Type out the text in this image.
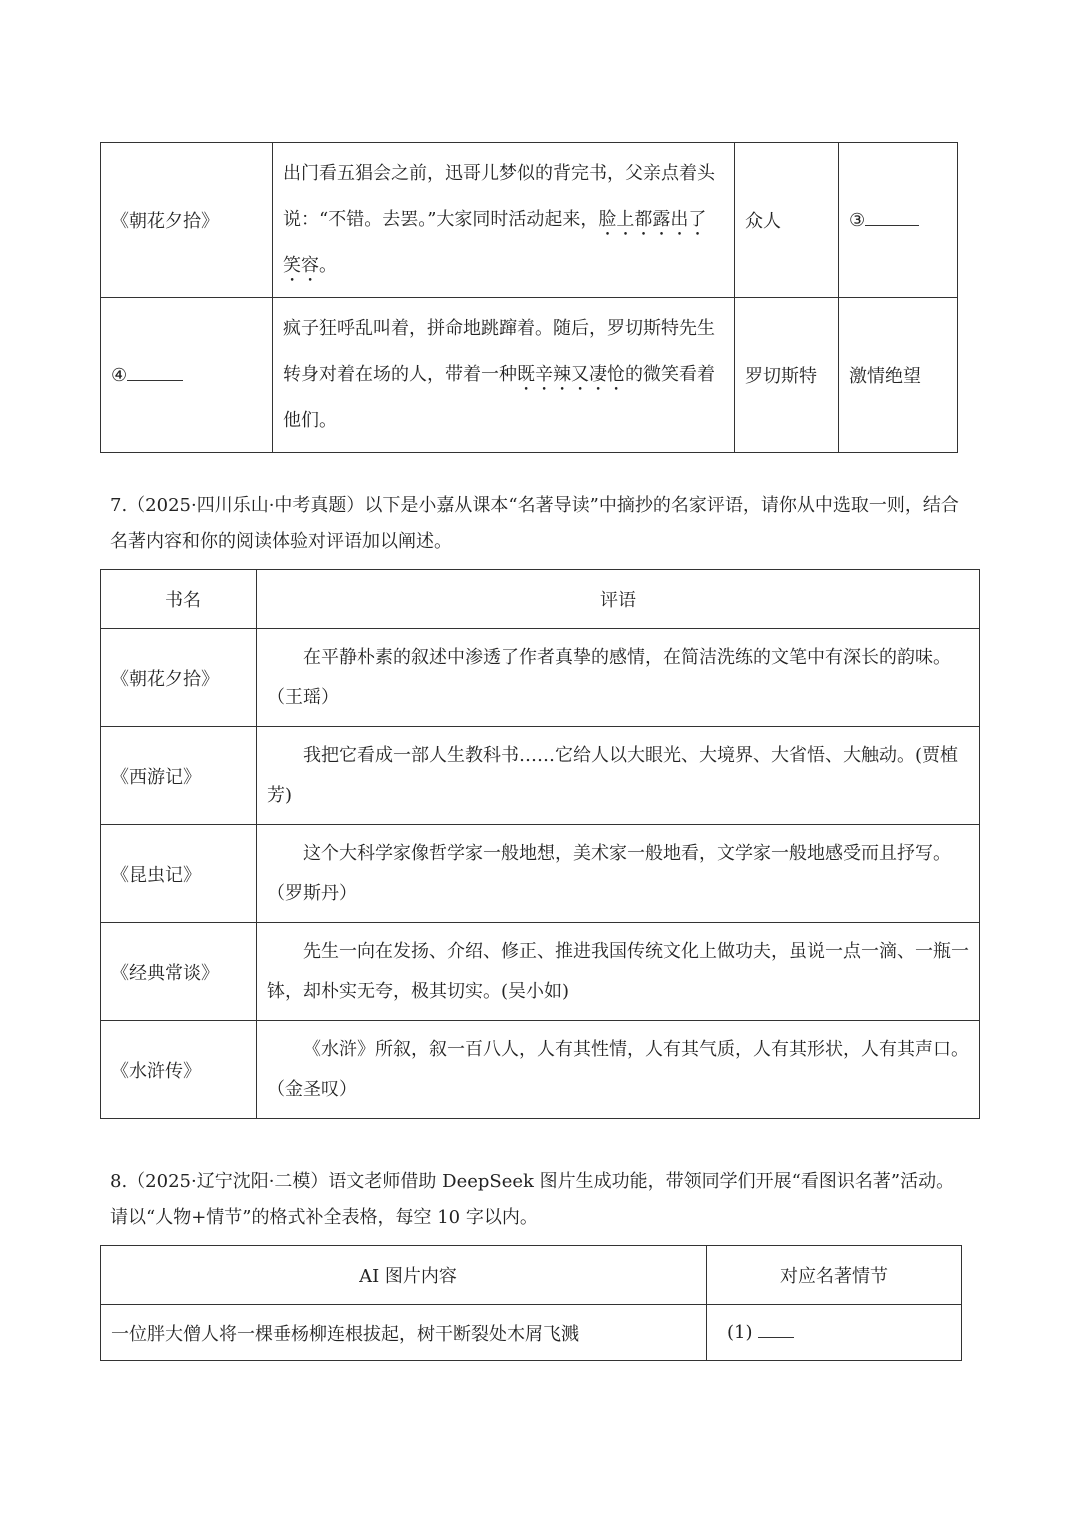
《朝花夕拾》	出门看五猖会之前，迅哥儿梦似的背完书，父亲点着头说：“不错。去罢。”大家同时活动起来，脸上都露出了笑容。	众人	③
④	疯子狂呼乱叫着，拼命地跳蹿着。随后，罗切斯特先生转身对着在场的人，带着一种既辛辣又凄怆的微笑看着他们。	罗切斯特	激情绝望

7.（2025·四川乐山·中考真题）以下是小嘉从课本“名著导读”中摘抄的名家评语，请你从中选取一则，结合名著内容和你的阅读体验对评语加以阐述。

书名	评语
《朝花夕拾》	在平静朴素的叙述中渗透了作者真挚的感情，在简洁洗练的文笔中有深长的韵味。（王瑶）
《西游记》	我把它看成一部人生教科书……它给人以大眼光、大境界、大省悟、大触动。(贾植芳)
《昆虫记》	这个大科学家像哲学家一般地想，美术家一般地看，文学家一般地感受而且抒写。（罗斯丹）
《经典常谈》	先生一向在发扬、介绍、修正、推进我国传统文化上做功夫，虽说一点一滴、一瓶一钵，却朴实无夸，极其切实。(吴小如)
《水浒传》	《水浒》所叙，叙一百八人，人有其性情，人有其气质，人有其形状，人有其声口。（金圣叹）

8.（2025·辽宁沈阳·二模）语文老师借助 DeepSeek 图片生成功能，带领同学们开展“看图识名著”活动。请以“人物+情节”的格式补全表格，每空 10 字以内。

AI 图片内容	对应名著情节
一位胖大僧人将一棵垂杨柳连根拔起，树干断裂处木屑飞溅	(1)
